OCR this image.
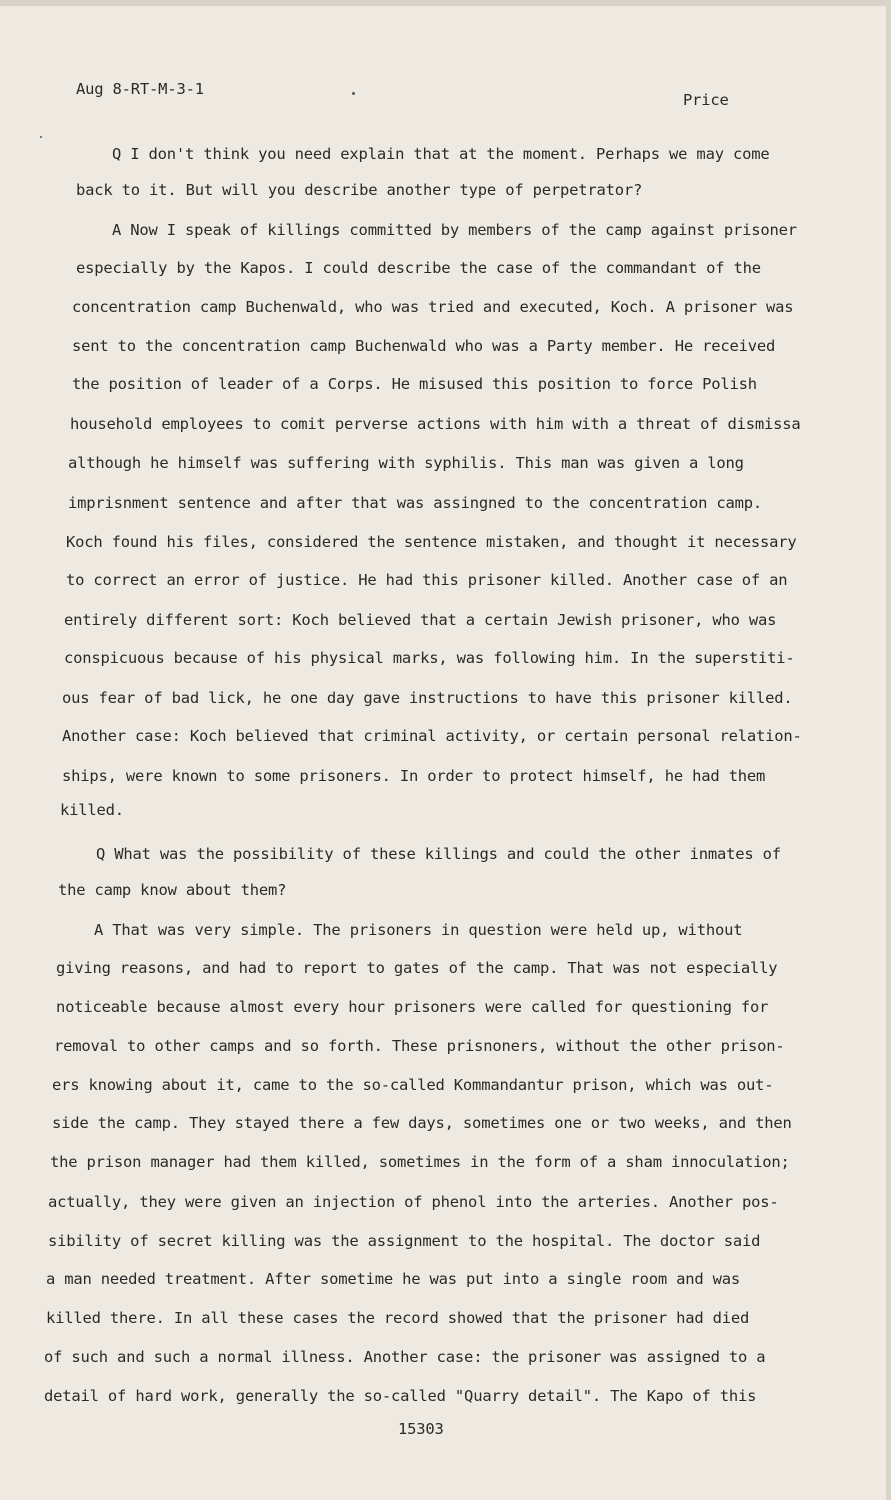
Aug 8-RT-M-3-1
Price
Q I don't think you need explain that at the moment. Perhaps we may come
back to it. But will you describe another type of perpetrator?
A Now I speak of killings committed by members of the camp against prisoner
especially by the Kapos. I could describe the case of the commandant of the
concentration camp Buchenwald, who was tried and executed, Koch. A prisoner was
sent to the concentration camp Buchenwald who was a Party member. He received
the position of leader of a Corps. He misused this position to force Polish
household employees to comit perverse actions with him with a threat of dismissa
although he himself was suffering with syphilis. This man was given a long
imprisnment sentence and after that was assingned to the concentration camp.
Koch found his files, considered the sentence mistaken, and thought it necessary
to correct an error of justice. He had this prisoner killed. Another case of an
entirely different sort: Koch believed that a certain Jewish prisoner, who was
conspicuous because of his physical marks, was following him. In the superstiti-
ous fear of bad lick, he one day gave instructions to have this prisoner killed.
Another case: Koch believed that criminal activity, or certain personal relation-
ships, were known to some prisoners. In order to protect himself, he had them
killed.
Q What was the possibility of these killings and could the other inmates of
the camp know about them?
A That was very simple. The prisoners in question were held up, without
giving reasons, and had to report to gates of the camp. That was not especially
noticeable because almost every hour prisoners were called for questioning for
removal to other camps and so forth. These prisnoners, without the other prison-
ers knowing about it, came to the so-called Kommandantur prison, which was out-
side the camp. They stayed there a few days, sometimes one or two weeks, and then
the prison manager had them killed, sometimes in the form of a sham innoculation;
actually, they were given an injection of phenol into the arteries. Another pos-
sibility of secret killing was the assignment to the hospital. The doctor said
a man needed treatment. After sometime he was put into a single room and was
killed there. In all these cases the record showed that the prisoner had died
of such and such a normal illness. Another case: the prisoner was assigned to a
detail of hard work, generally the so-called "Quarry detail". The Kapo of this
15303
